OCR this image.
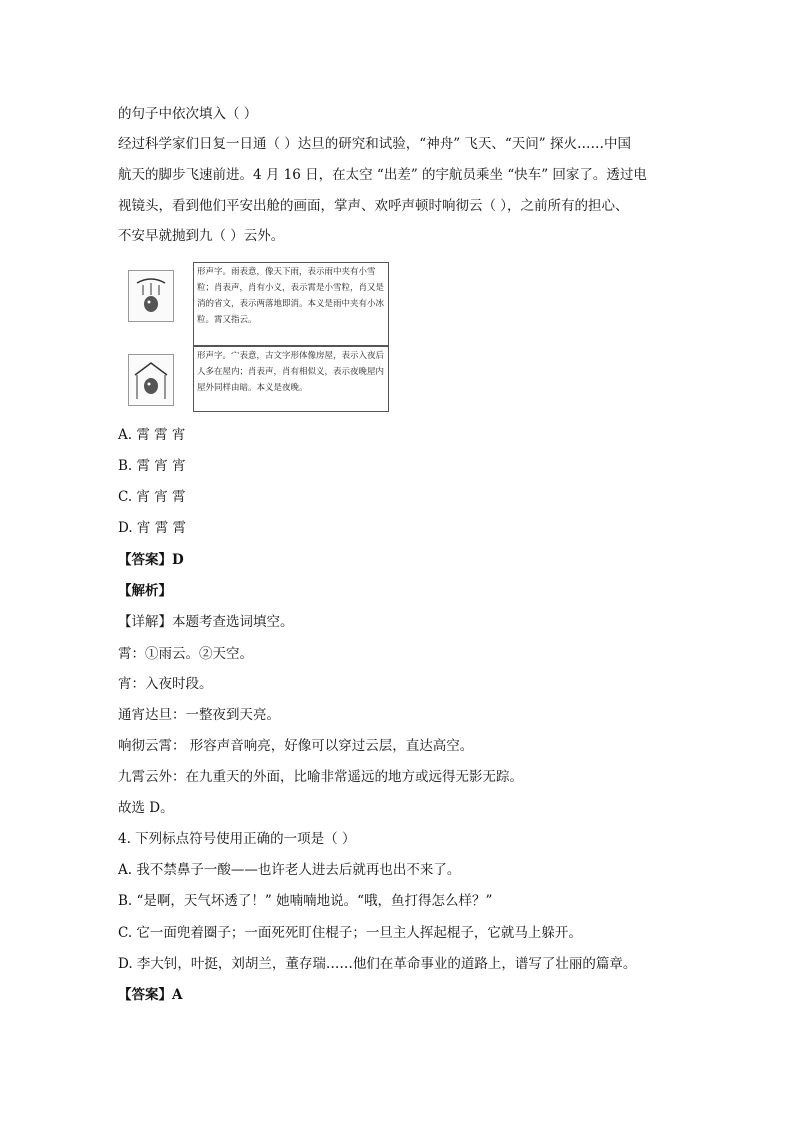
的句子中依次填入（ ）
经过科学家们日复一日通（ ）达旦的研究和试验，“神舟” 飞天、“天问” 探火……中国
航天的脚步飞速前进。4 月 16 日，在太空 “出差” 的宇航员乘坐 “快车” 回家了。透过电
视镜头，看到他们平安出舱的画面，掌声、欢呼声顿时响彻云（ ），之前所有的担心、
不安早就抛到九（ ）云外。
形声字。雨表意，像天下雨，表示雨中夹有小雪粒；肖表声，肖有小义，表示霄是小雪粒，肖又是消的省文，表示两落地即消。本义是雨中夹有小冰粒。霄又指云。
形声字。宀表意，古文字形体像房屋，表示入夜后人多在屋内；肖表声，肖有相似义，表示夜晚屋内屋外同样由暗。本义是夜晚。
A. 霄 霄 宵
B. 霄 宵 宵
C. 宵 宵 霄
D. 宵 霄 霄
【答案】D
【解析】
【详解】本题考查选词填空。
霄：①雨云。②天空。
宵：入夜时段。
通宵达旦：一整夜到天亮。
响彻云霄： 形容声音响亮，好像可以穿过云层，直达高空。
九霄云外：在九重天的外面，比喻非常遥远的地方或远得无影无踪。
故选 D。
4. 下列标点符号使用正确的一项是（ ）
A. 我不禁鼻子一酸——也许老人进去后就再也出不来了。
B. “是啊，天气坏透了！” 她喃喃地说。“哦，鱼打得怎么样？”
C. 它一面兜着圈子；一面死死盯住棍子；一旦主人挥起棍子，它就马上躲开。
D. 李大钊，叶挺，刘胡兰，董存瑞……他们在革命事业的道路上，谱写了壮丽的篇章。
【答案】A
